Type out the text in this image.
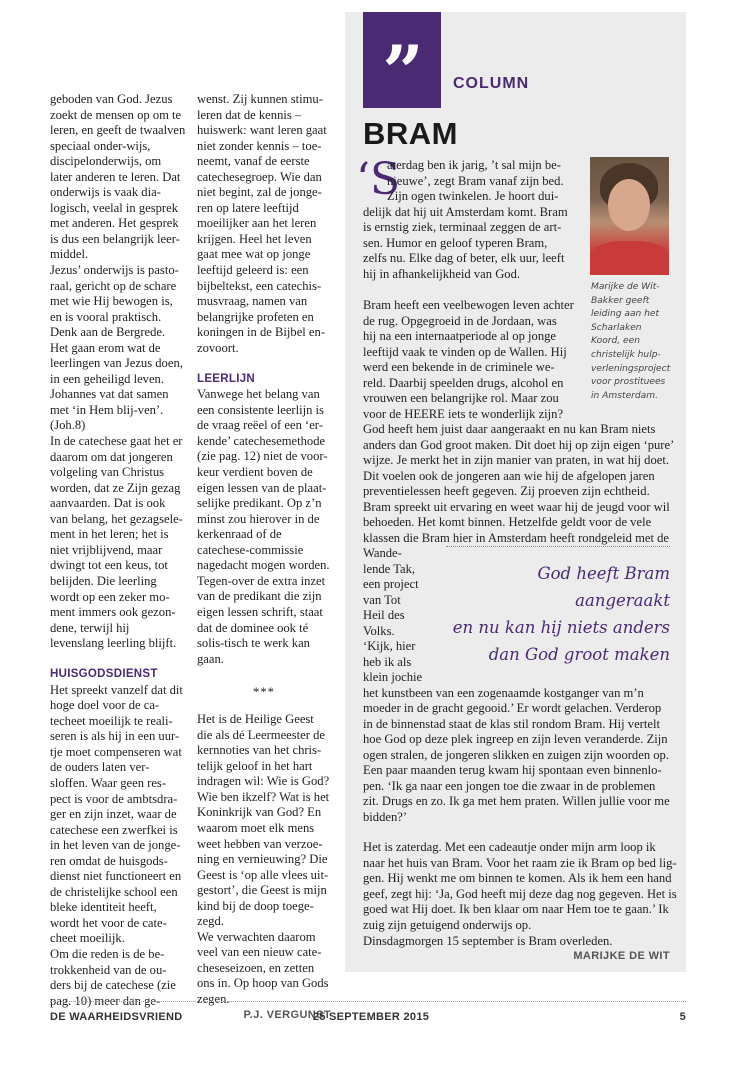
geboden van God. Jezus zoekt de mensen op om te leren, en geeft de twaalven speciaal onder-wijs, discipelonderwijs, om later anderen te leren. Dat onderwijs is vaak dia-logisch, veelal in gesprek met anderen. Het gesprek is dus een belangrijk leer-middel.

Jezus’ onderwijs is pasto-raal, gericht op de schare met wie Hij bewogen is, en is vooral praktisch. Denk aan de Bergrede. Het gaan erom wat de leerlingen van Jezus doen, in een geheiligd leven. Johannes vat dat samen met ‘in Hem blij-ven’. (Joh.8)

In de catechese gaat het er daarom om dat jongeren volgeling van Christus worden, dat ze Zijn gezag aanvaarden. Dat is ook van belang, het gezagsele-ment in het leren; het is niet vrijblijvend, maar dwingt tot een keus, tot belijden. Die leerling wordt op een zeker mo-ment immers ook gezon-dene, terwijl hij levenslang leerling blijft.

HUISGODSDIENST

Het spreekt vanzelf dat dit hoge doel voor de ca-techeet moeilijk te reali-seren is als hij in een uur-tje moet compenseren wat de ouders laten ver-sloffen. Waar geen res-pect is voor de ambtsdra-ger en zijn inzet, waar de catechese een zwerfkei is in het leven van de jonge-ren omdat de huisgods-dienst niet functioneert en de christelijke school een bleke identiteit heeft, wordt het voor de cate-cheet moeilijk.

Om die reden is de be-trokkenheid van de ou-ders bij de catechese (zie pag. 10) meer dan ge-

wenst. Zij kunnen stimu-leren dat de kennis – huiswerk: want leren gaat niet zonder kennis – toe-neemt, vanaf de eerste catechesegroep. Wie dan niet begint, zal de jonge-ren op latere leeftijd moeilijker aan het leren krijgen. Heel het leven gaat mee wat op jonge leeftijd geleerd is: een bijbeltekst, een catechis-musvraag, namen van belangrijke profeten en koningen in de Bijbel en-zovoort.

LEERLIJN

Vanwege het belang van een consistente leerlijn is de vraag reëel of een ‘er-kende’ catechesemethode (zie pag. 12) niet de voor-keur verdient boven de eigen lessen van de plaat-selijke predikant. Op z’n minst zou hierover in de kerkenraad of de catechese-commissie nagedacht mogen worden. Tegen-over de extra inzet van de predikant die zijn eigen lessen schrift, staat dat de dominee ook té solis-tisch te werk kan gaan.

***

Het is de Heilige Geest die als dé Leermeester de kernnoties van het chris-telijk geloof in het hart indragen wil: Wie is God? Wie ben ikzelf? Wat is het Koninkrijk van God? En waarom moet elk mens weet hebben van verzoe-ning en vernieuwing? Die Geest is ‘op alle vlees uit-gestort’, die Geest is mijn kind bij de doop toege-zegd.

We verwachten daarom veel van een nieuw cate-cheseseizoen, en zetten ons in. Op hoop van Gods zegen.

P.J. VERGUNST
”	COLUMN
BRAM
‘S
aterdag ben ik jarig, ’t sal mijn be-
nieuwe’, zegt Bram vanaf zijn bed.
Zijn ogen twinkelen. Je hoort dui-
delijk dat hij uit Amsterdam komt. Bram
is ernstig ziek, terminaal zeggen de art-
sen. Humor en geloof typeren Bram,
zelfs nu. Elke dag of beter, elk uur, leeft
hij in afhankelijkheid van God.
Marijke de Wit-Bakker geeft leiding aan het Scharlaken Koord, een christelijk hulp-verleningsproject voor prostituees in Amsterdam.
Bram heeft een veelbewogen leven achter
de rug. Opgegroeid in de Jordaan, was
hij na een internaatperiode al op jonge
leeftijd vaak te vinden op de Wallen. Hij
werd een bekende in de criminele we-
reld. Daarbij speelden drugs, alcohol en
vrouwen een belangrijke rol. Maar zou
voor de HEERE iets te wonderlijk zijn?
God heeft hem juist daar aangeraakt en nu kan Bram niets
anders dan God groot maken. Dit doet hij op zijn eigen ‘pure’
wijze. Je merkt het in zijn manier van praten, in wat hij doet.
Dit voelen ook de jongeren aan wie hij de afgelopen jaren
preventielessen heeft gegeven. Zij proeven zijn echtheid.
Bram spreekt uit ervaring en weet waar hij de jeugd voor wil
behoeden. Het komt binnen. Hetzelfde geldt voor de vele
klassen die Bram hier in Amsterdam heeft rondgeleid met de
Wande-
lende Tak,
een project
van Tot
Heil des
Volks.
‘Kijk, hier
heb ik als
klein jochie
God heeft Bram aangeraakt
en nu kan hij niets anders
dan God groot maken
het kunstbeen van een zogenaamde kostganger van m’n
moeder in de gracht gegooid.’ Er wordt gelachen. Verderop
in de binnenstad staat de klas stil rondom Bram. Hij vertelt
hoe God op deze plek ingreep en zijn leven veranderde. Zijn
ogen stralen, de jongeren slikken en zuigen zijn woorden op.
Een paar maanden terug kwam hij spontaan even binnenlo-
pen. ‘Ik ga naar een jongen toe die zwaar in de problemen
zit. Drugs en zo. Ik ga met hem praten. Willen jullie voor me
bidden?’
Het is zaterdag. Met een cadeautje onder mijn arm loop ik
naar het huis van Bram. Voor het raam zie ik Bram op bed lig-
gen. Hij wenkt me om binnen te komen. Als ik hem een hand
geef, zegt hij: ‘Ja, God heeft mij deze dag nog gegeven. Het is
goed wat Hij doet. Ik ben klaar om naar Hem toe te gaan.’ Ik
zuig zijn getuigend onderwijs op.
Dinsdagmorgen 15 september is Bram overleden.
MARIJKE DE WIT
DE WAARHEIDSVRIEND	25 SEPTEMBER 2015	5
